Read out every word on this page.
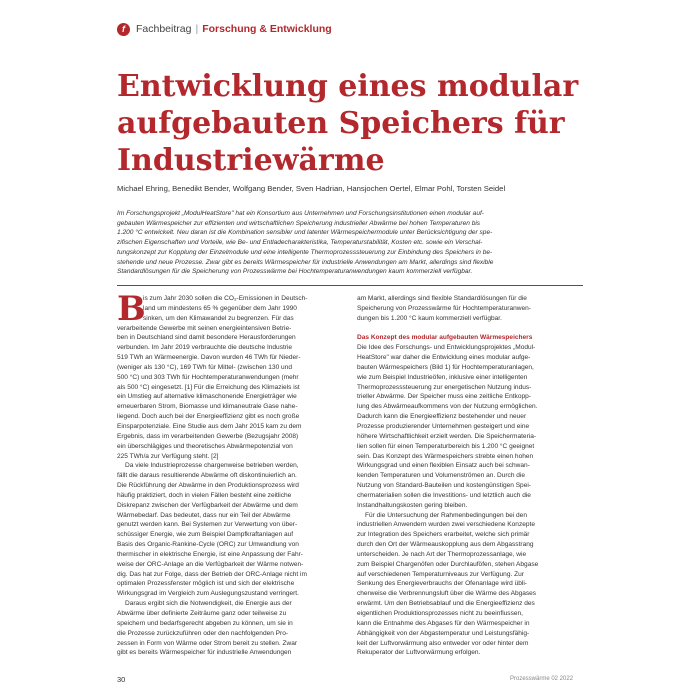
f Fachbeitrag | Forschung & Entwicklung
Entwicklung eines modular
aufgebauten Speichers für
Industriewärme
Michael Ehring, Benedikt Bender, Wolfgang Bender, Sven Hadrian, Hansjochen Oertel, Elmar Pohl, Torsten Seidel
Im Forschungsprojekt „ModulHeatStore" hat ein Konsortium aus Unternehmen und Forschungsinstitutionen einen modular auf-
gebauten Wärmespeicher zur effizienten und wirtschaftlichen Speicherung industrieller Abwärme bei hohen Temperaturen bis
1.200 °C entwickelt. Neu daran ist die Kombination sensibler und latenter Wärmespeichermodule unter Berücksichtigung der spe-
zifischen Eigenschaften und Vorteile, wie Be- und Entladecharakteristika, Temperaturstabilität, Kosten etc. sowie ein Verschal-
tungskonzept zur Kopplung der Einzelmodule und eine intelligente Thermoprozesssteuerung zur Einbindung des Speichers in be-
stehende und neue Prozesse. Zwar gibt es bereits Wärmespeicher für industrielle Anwendungen am Markt, allerdings sind flexible
Standardlösungen für die Speicherung von Prozesswärme bei Hochtemperaturanwendungen kaum kommerziell verfügbar.
B
is zum Jahr 2030 sollen die CO₂-Emissionen in Deutsch-
land um mindestens 65 % gegenüber dem Jahr 1990
sinken, um den Klimawandel zu begrenzen. Für das
verarbeitende Gewerbe mit seinen energieintensiven Betrie-
ben in Deutschland sind damit besondere Herausforderungen
verbunden. Im Jahr 2019 verbrauchte die deutsche Industrie
519 TWh an Wärmeenergie. Davon wurden 46 TWh für Nieder-
(weniger als 130 °C), 169 TWh für Mittel- (zwischen 130 und
500 °C) und 303 TWh für Hochtemperaturanwendungen (mehr
als 500 °C) eingesetzt. [1] Für die Erreichung des Klimaziels ist
ein Umstieg auf alternative klimaschonende Energieträger wie
erneuerbaren Strom, Biomasse und klimaneutrale Gase nahe-
liegend. Doch auch bei der Energieeffizienz gibt es noch große
Einsparpotenziale. Eine Studie aus dem Jahr 2015 kam zu dem
Ergebnis, dass im verarbeitenden Gewerbe (Bezugsjahr 2008)
ein überschlägiges und theoretisches Abwärmepotenzial von
225 TWh/a zur Verfügung steht. [2]
Da viele Industrieprozesse chargenweise betrieben werden,
fällt die daraus resultierende Abwärme oft diskontinuierlich an.
Die Rückführung der Abwärme in den Produktionsprozess wird
häufig praktiziert, doch in vielen Fällen besteht eine zeitliche
Diskrepanz zwischen der Verfügbarkeit der Abwärme und dem
Wärmebedarf. Das bedeutet, dass nur ein Teil der Abwärme
genutzt werden kann. Bei Systemen zur Verwertung von über-
schüssiger Energie, wie zum Beispiel Dampfkraftanlagen auf
Basis des Organic-Rankine-Cycle (ORC) zur Umwandlung von
thermischer in elektrische Energie, ist eine Anpassung der Fahr-
weise der ORC-Anlage an die Verfügbarkeit der Wärme notwen-
dig. Das hat zur Folge, dass der Betrieb der ORC-Anlage nicht im
optimalen Prozessfenster möglich ist und sich der elektrische
Wirkungsgrad im Vergleich zum Auslegungszustand verringert.
Daraus ergibt sich die Notwendigkeit, die Energie aus der
Abwärme über definierte Zeiträume ganz oder teilweise zu
speichern und bedarfsgerecht abgeben zu können, um sie in
die Prozesse zurückzuführen oder den nachfolgenden Pro-
zessen in Form von Wärme oder Strom bereit zu stellen. Zwar
gibt es bereits Wärmespeicher für industrielle Anwendungen
am Markt, allerdings sind flexible Standardlösungen für die
Speicherung von Prozesswärme für Hochtemperaturanwen-
dungen bis 1.200 °C kaum kommerziell verfügbar.
Das Konzept des modular aufgebauten Wärmespeichers
Die Idee des Forschungs- und Entwicklungsprojektes „Modul-
HeatStore" war daher die Entwicklung eines modular aufge-
bauten Wärmespeichers (Bild 1) für Hochtemperaturanlagen,
wie zum Beispiel Industrieöfen, inklusive einer intelligenten
Thermoprozesssteuerung zur energetischen Nutzung indus-
trieller Abwärme. Der Speicher muss eine zeitliche Entkopp-
lung des Abwärmeaufkommens von der Nutzung ermöglichen.
Dadurch kann die Energieeffizienz bestehender und neuer
Prozesse produzierender Unternehmen gesteigert und eine
höhere Wirtschaftlichkeit erzielt werden. Die Speichermateria-
lien sollen für einen Temperaturbereich bis 1.200 °C geeignet
sein. Das Konzept des Wärmespeichers strebte einen hohen
Wirkungsgrad und einen flexiblen Einsatz auch bei schwan-
kenden Temperaturen und Volumenströmen an. Durch die
Nutzung von Standard-Bauteilen und kostengünstigen Spei-
chermaterialien sollen die Investitions- und letztlich auch die
Instandhaltungskosten gering bleiben.
Für die Untersuchung der Rahmenbedingungen bei den
industriellen Anwendern wurden zwei verschiedene Konzepte
zur Integration des Speichers erarbeitet, welche sich primär
durch den Ort der Wärmeauskopplung aus dem Abgasstrang
unterscheiden. Je nach Art der Thermoprozessanlage, wie
zum Beispiel Chargenöfen oder Durchlauföfen, stehen Abgase
auf verschiedenen Temperaturniveaus zur Verfügung. Zur
Senkung des Energieverbrauchs der Ofenanlage wird übli-
cherweise die Verbrennungsluft über die Wärme des Abgases
erwärmt. Um den Betriebsablauf und die Energieeffizienz des
eigentlichen Produktionsprozesses nicht zu beeinflussen,
kann die Entnahme des Abgases für den Wärmespeicher in
Abhängigkeit von der Abgastemperatur und Leistungsfähig-
keit der Luftvorwärmung also entweder vor oder hinter dem
Rekuperator der Luftvorwärmung erfolgen.
30	Prozesswärme 02 2022
